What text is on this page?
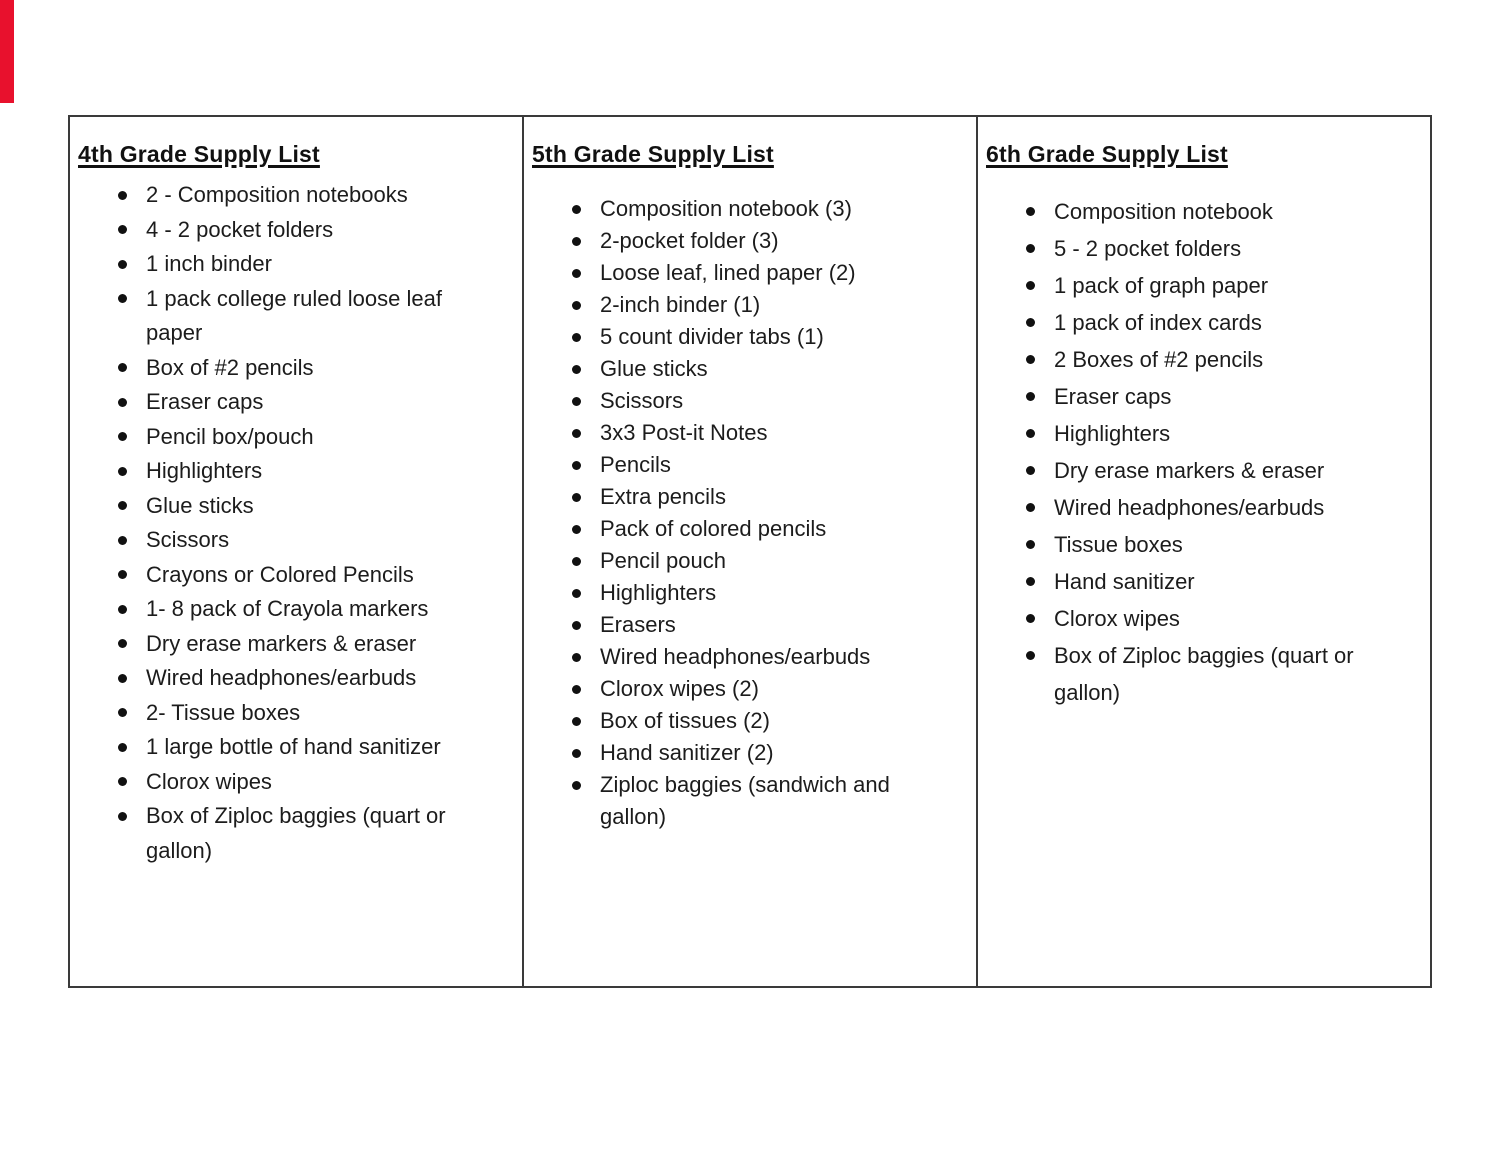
4th Grade Supply List
2 - Composition notebooks
4 - 2 pocket folders
1 inch binder
1 pack college ruled loose leaf paper
Box of #2 pencils
Eraser caps
Pencil box/pouch
Highlighters
Glue sticks
Scissors
Crayons or Colored Pencils
1- 8 pack of Crayola markers
Dry erase markers & eraser
Wired headphones/earbuds
2- Tissue boxes
1 large bottle of hand sanitizer
Clorox wipes
Box of Ziploc baggies (quart or gallon)
5th Grade Supply List
Composition notebook (3)
2-pocket folder (3)
Loose leaf, lined paper (2)
2-inch binder (1)
5 count divider tabs (1)
Glue sticks
Scissors
3x3 Post-it Notes
Pencils
Extra pencils
Pack of colored pencils
Pencil pouch
Highlighters
Erasers
Wired headphones/earbuds
Clorox wipes (2)
Box of tissues (2)
Hand sanitizer (2)
Ziploc baggies (sandwich and gallon)
6th Grade Supply List
Composition notebook
5 - 2 pocket folders
1 pack of graph paper
1 pack of index cards
2 Boxes of #2 pencils
Eraser caps
Highlighters
Dry erase markers & eraser
Wired headphones/earbuds
Tissue boxes
Hand sanitizer
Clorox wipes
Box of Ziploc baggies (quart or gallon)
